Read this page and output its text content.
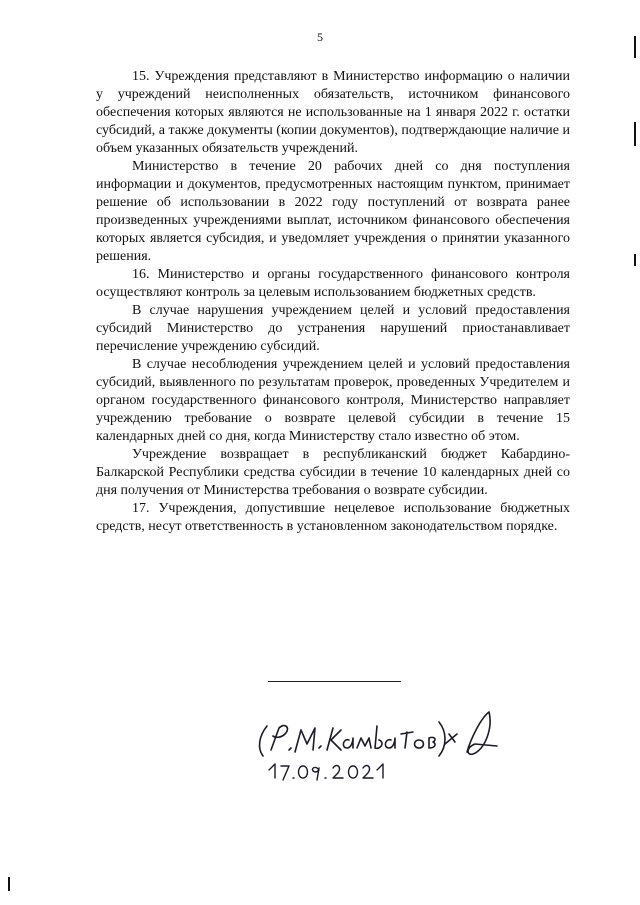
5

15. Учреждения представляют в Министерство информацию о наличии у учреждений неисполненных обязательств, источником финансового обеспечения которых являются не использованные на 1 января 2022 г. остатки субсидий, а также документы (копии документов), подтверждающие наличие и объем указанных обязательств учреждений.

Министерство в течение 20 рабочих дней со дня поступления информации и документов, предусмотренных настоящим пунктом, принимает решение об использовании в 2022 году поступлений от возврата ранее произведенных учреждениями выплат, источником финансового обеспечения которых является субсидия, и уведомляет учреждения о принятии указанного решения.

16. Министерство и органы государственного финансового контроля осуществляют контроль за целевым использованием бюджетных средств.

В случае нарушения учреждением целей и условий предоставления субсидий Министерство до устранения нарушений приостанавливает перечисление учреждению субсидий.

В случае несоблюдения учреждением целей и условий предоставления субсидий, выявленного по результатам проверок, проведенных Учредителем и органом государственного финансового контроля, Министерство направляет учреждению требование о возврате целевой субсидии в течение 15 календарных дней со дня, когда Министерству стало известно об этом.

Учреждение возвращает в республиканский бюджет Кабардино-Балкарской Республики средства субсидии в течение 10 календарных дней со дня получения от Министерства требования о возврате субсидии.

17. Учреждения, допустившие нецелевое использование бюджетных средств, несут ответственность в установленном законодательством порядке.
